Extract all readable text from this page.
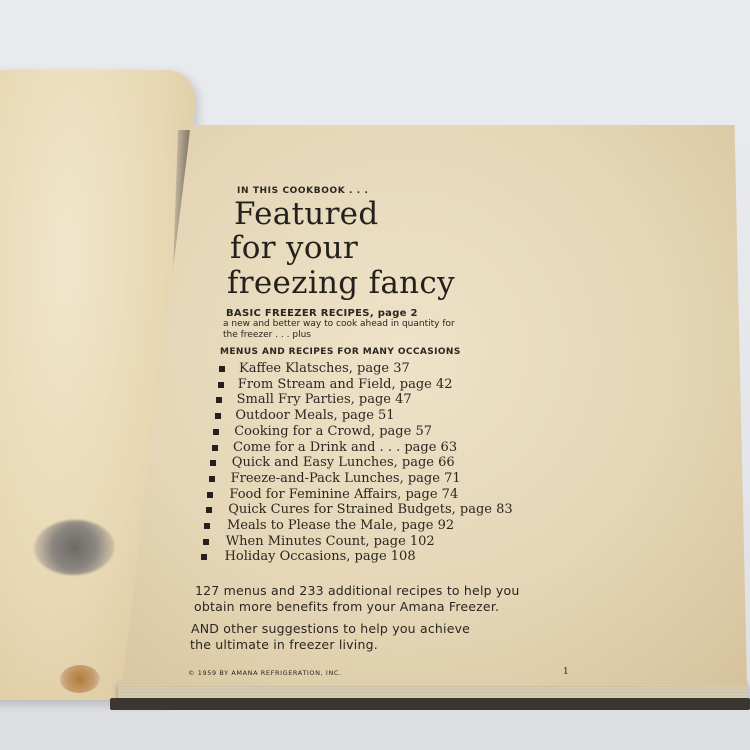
IN THIS COOKBOOK . . .
Featured
for your
freezing fancy
BASIC FREEZER RECIPES, page 2
a new and better way to cook ahead in quantity for the freezer . . . plus
MENUS AND RECIPES FOR MANY OCCASIONS
Kaffee Klatsches, page 37
From Stream and Field, page 42
Small Fry Parties, page 47
Outdoor Meals, page 51
Cooking for a Crowd, page 57
Come for a Drink and . . . page 63
Quick and Easy Lunches, page 66
Freeze-and-Pack Lunches, page 71
Food for Feminine Affairs, page 74
Quick Cures for Strained Budgets, page 83
Meals to Please the Male, page 92
When Minutes Count, page 102
Holiday Occasions, page 108
127 menus and 233 additional recipes to help you
obtain more benefits from your Amana Freezer.
AND other suggestions to help you achieve
the ultimate in freezer living.
© 1959 BY AMANA REFRIGERATION, INC.	1
